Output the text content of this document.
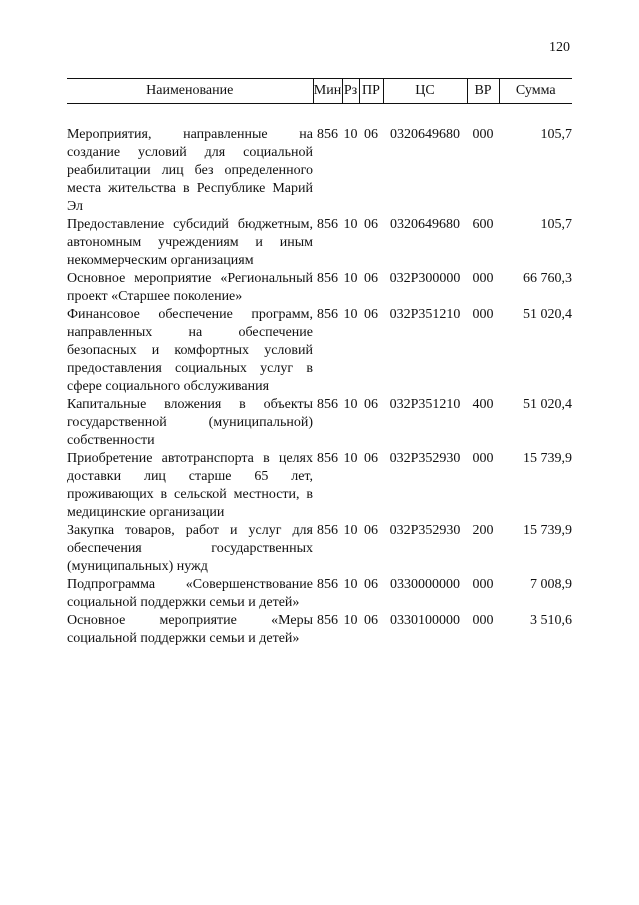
120
Наименование	Мин	Рз	ПР	ЦС	ВР	Сумма

Мероприятия, направленные на создание условий для социальной реабилитации лиц без определенного места жительства в Республике Марий Эл	856	10	06	0320649680	000	105,7
Предоставление субсидий бюджетным, автономным учреждениям и иным некоммерческим организациям	856	10	06	0320649680	600	105,7
Основное мероприятие «Региональный проект «Старшее поколение»	856	10	06	032P300000	000	66 760,3
Финансовое обеспечение программ, направленных на обеспечение безопасных и комфортных условий предоставления социальных услуг в сфере социального обслуживания	856	10	06	032P351210	000	51 020,4
Капитальные вложения в объекты государственной (муниципальной) собственности	856	10	06	032P351210	400	51 020,4
Приобретение автотранспорта в целях доставки лиц старше 65 лет, проживающих в сельской местности, в медицинские организации	856	10	06	032P352930	000	15 739,9
Закупка товаров, работ и услуг для обеспечения государственных (муниципальных) нужд	856	10	06	032P352930	200	15 739,9
Подпрограмма «Совершенствование социальной поддержки семьи и детей»	856	10	06	0330000000	000	7 008,9
Основное мероприятие «Меры социальной поддержки семьи и детей»	856	10	06	0330100000	000	3 510,6
